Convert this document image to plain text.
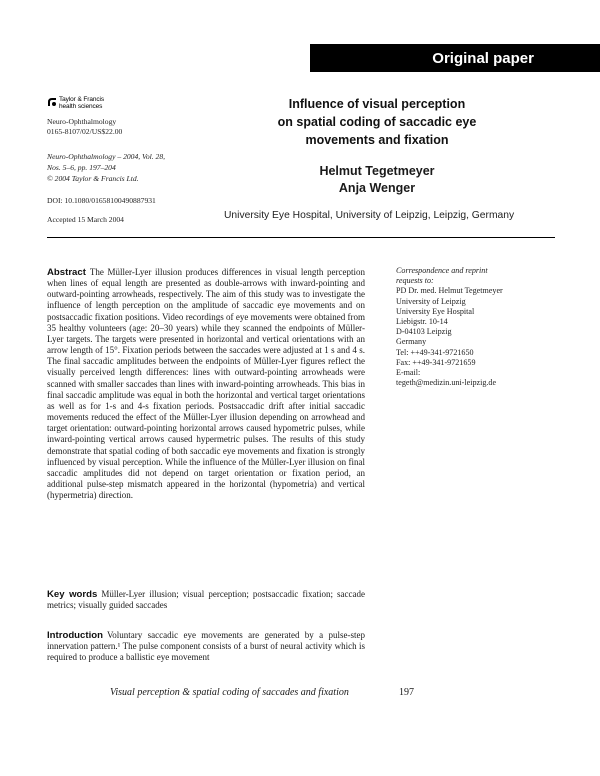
Original paper
Taylor & Francis
health sciences
Neuro-Ophthalmology
0165-8107/02/US$22.00
Neuro-Ophthalmology – 2004, Vol. 28,
Nos. 5–6, pp. 197–204
© 2004 Taylor & Francis Ltd.
DOI: 10.1080/01658100490887931
Accepted 15 March 2004
Influence of visual perception
on spatial coding of saccadic eye
movements and fixation
Helmut Tegetmeyer
Anja Wenger
University Eye Hospital, University of Leipzig, Leipzig, Germany

Abstract The Müller-Lyer illusion produces differences in visual length perception when lines of equal length are presented as double-arrows with inward-pointing and outward-pointing arrowheads, respectively. The aim of this study was to investigate the influence of length perception on the amplitude of saccadic eye movements and on postsaccadic fixation positions. Video recordings of eye movements were obtained from 35 healthy volunteers (age: 20–30 years) while they scanned the endpoints of Müller-Lyer targets. The targets were presented in horizontal and vertical orientations with an arrow length of 15°. Fixation periods between the saccades were adjusted at 1 s and 4 s. The final saccadic amplitudes between the endpoints of Müller-Lyer figures reflect the visually perceived length differences: lines with outward-pointing arrowheads were scanned with smaller saccades than lines with inward-pointing arrowheads. This bias in final saccadic amplitude was equal in both the horizontal and vertical target orientations as well as for 1-s and 4-s fixation periods. Postsaccadic drift after initial saccadic movements reduced the effect of the Müller-Lyer illusion depending on arrowhead and target orientation: outward-pointing horizontal arrows caused hypometric pulses, while inward-pointing vertical arrows caused hypermetric pulses. The results of this study demonstrate that spatial coding of both saccadic eye movements and fixation is strongly influenced by visual perception. While the influence of the Müller-Lyer illusion on final saccadic amplitudes did not depend on target orientation or fixation period, an additional pulse-step mismatch appeared in the horizontal (hypometria) and vertical (hypermetria) direction.

Key words Müller-Lyer illusion; visual perception; postsaccadic fixation; saccade metrics; visually guided saccades

Introduction Voluntary saccadic eye movements are generated by a pulse-step innervation pattern.¹ The pulse component consists of a burst of neural activity which is required to produce a ballistic eye movement

Correspondence and reprint
requests to:
PD Dr. med. Helmut Tegetmeyer
University of Leipzig
University Eye Hospital
Liebigstr. 10-14
D-04103 Leipzig
Germany
Tel: ++49-341-9721650
Fax: ++49-341-9721659
E-mail:
tegeth@medizin.uni-leipzig.de
Visual perception & spatial coding of saccades and fixation	197
